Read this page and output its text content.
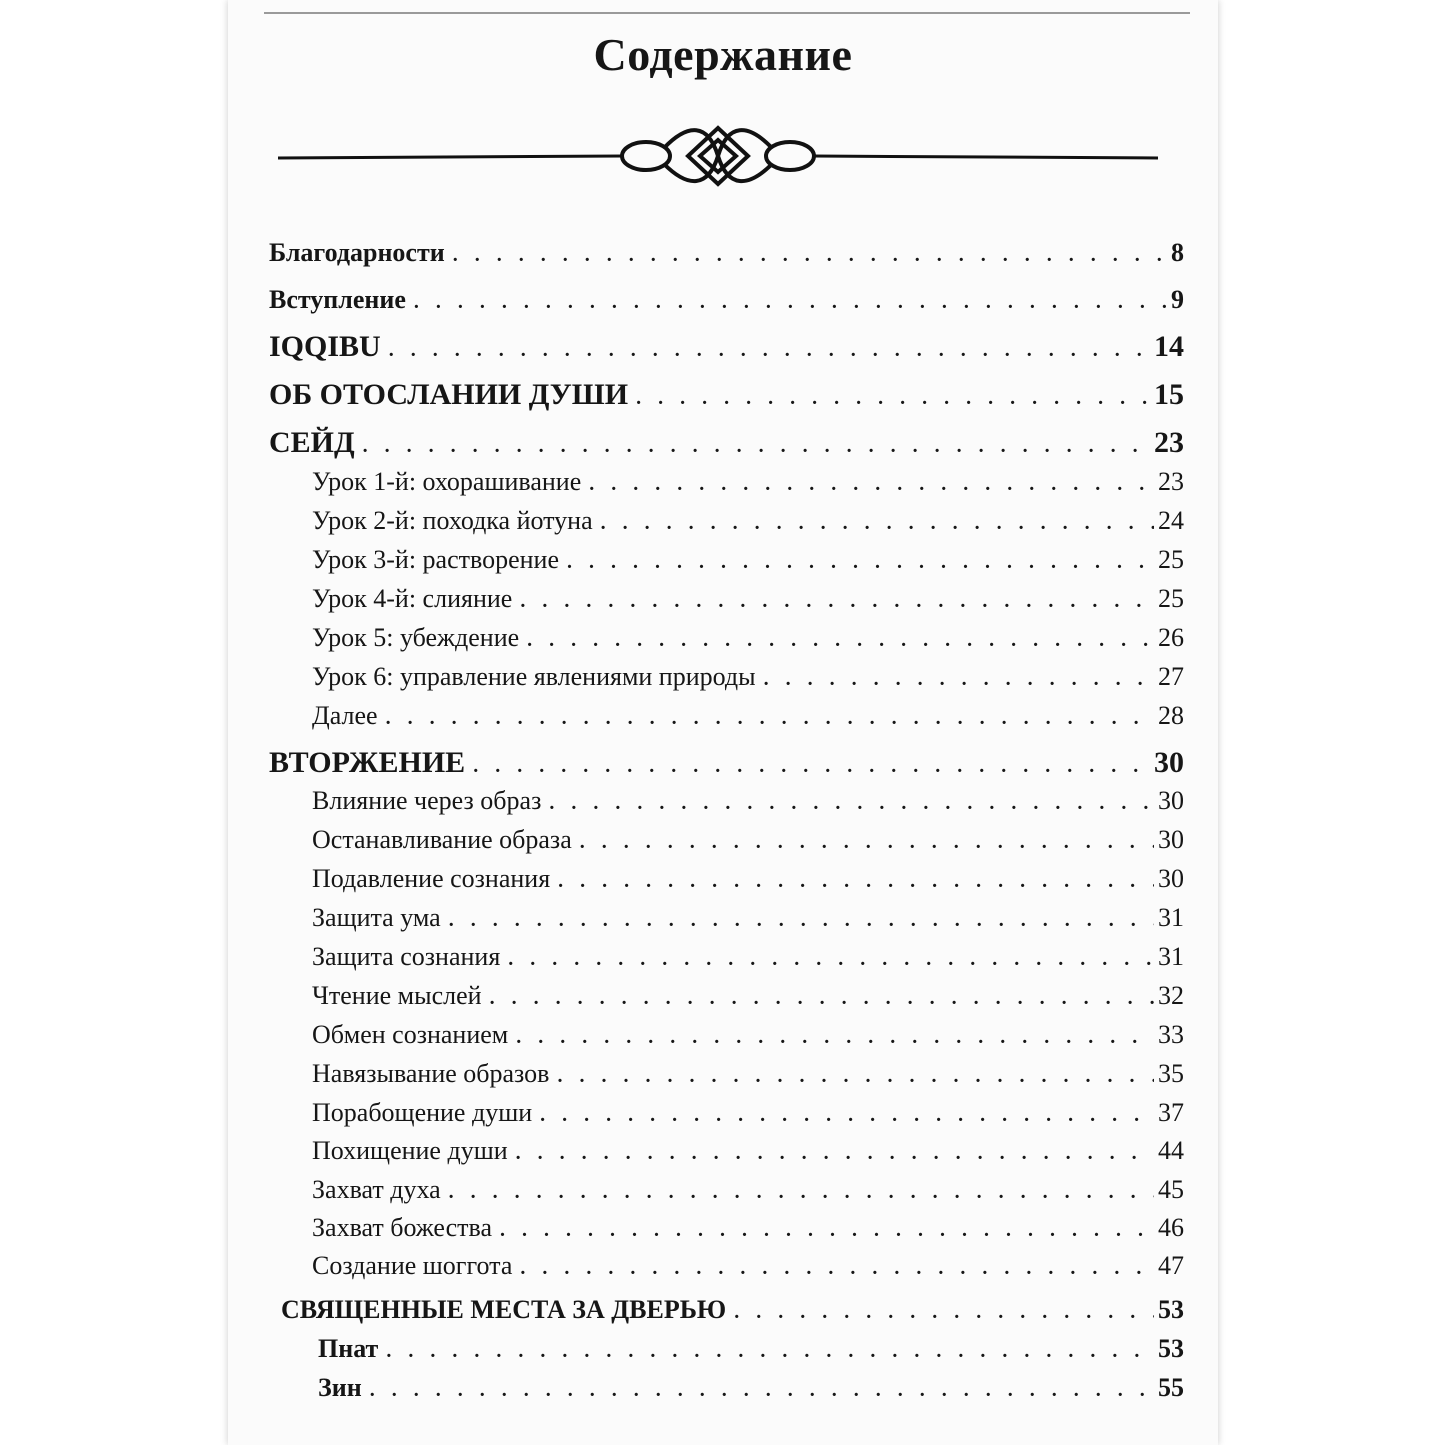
Содержание
Благодарности . . .	8
Вступление . . .	9
IQQIBU . . .	14
ОБ ОТОСЛАНИИ ДУШИ . . .	15
СЕЙД . . .	23
Урок 1-й: охорашивание . . .	23
Урок 2-й: походка йотуна . . .	24
Урок 3-й: растворение . . .	25
Урок 4-й: слияние . . .	25
Урок 5: убеждение . . .	26
Урок 6: управление явлениями природы . . .	27
Далее . . .	28
ВТОРЖЕНИЕ . . .	30
Влияние через образ . . .	30
Останавливание образа . . .	30
Подавление сознания . . .	30
Защита ума . . .	31
Защита сознания . . .	31
Чтение мыслей . . .	32
Обмен сознанием . . .	33
Навязывание образов . . .	35
Порабощение души . . .	37
Похищение души . . .	44
Захват духа . . .	45
Захват божества . . .	46
Создание шоггота . . .	47
СВЯЩЕННЫЕ МЕСТА ЗА ДВЕРЬЮ . . .	53
Пнат . . .	53
Зин . . .	55
